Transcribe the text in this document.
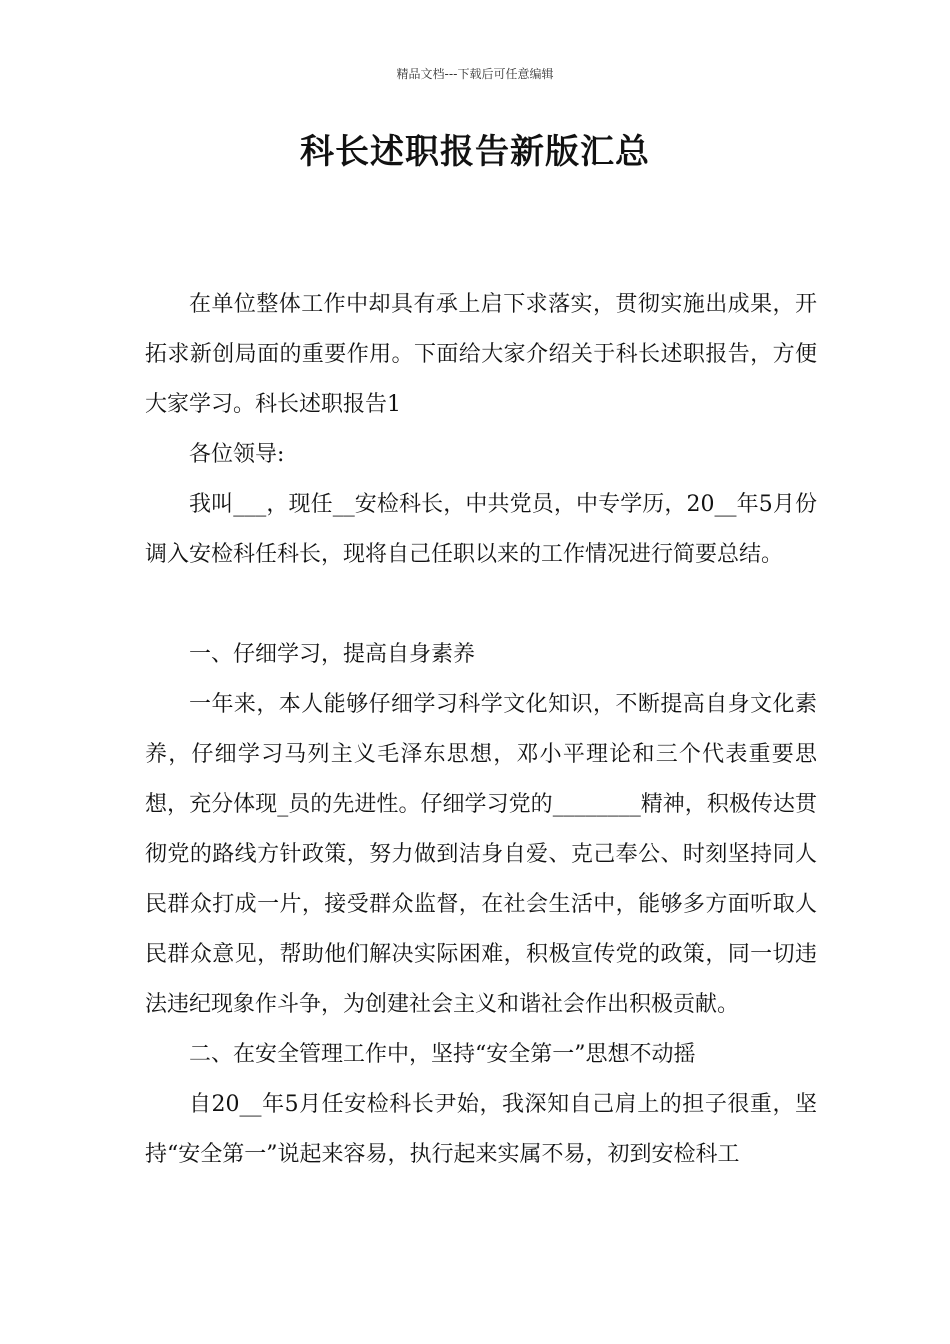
精品文档---下载后可任意编辑
科长述职报告新版汇总

在单位整体工作中却具有承上启下求落实，贯彻实施出成果，开拓求新创局面的重要作用。下面给大家介绍关于科长述职报告，方便大家学习。科长述职报告1

各位领导:

我叫___，现任__安检科长，中共党员，中专学历，20__年5月份调入安检科任科长，现将自己任职以来的工作情况进行简要总结。

一、仔细学习，提高自身素养

一年来，本人能够仔细学习科学文化知识，不断提高自身文化素养，仔细学习马列主义毛泽东思想，邓小平理论和三个代表重要思想，充分体现_员的先进性。仔细学习党的________精神，积极传达贯彻党的路线方针政策，努力做到洁身自爱、克己奉公、时刻坚持同人民群众打成一片，接受群众监督，在社会生活中，能够多方面听取人民群众意见，帮助他们解决实际困难，积极宣传党的政策，同一切违法违纪现象作斗争，为创建社会主义和谐社会作出积极贡献。

二、在安全管理工作中，坚持“安全第一”思想不动摇

自20__年5月任安检科长尹始，我深知自己肩上的担子很重，坚持“安全第一”说起来容易，执行起来实属不易，初到安检科工
